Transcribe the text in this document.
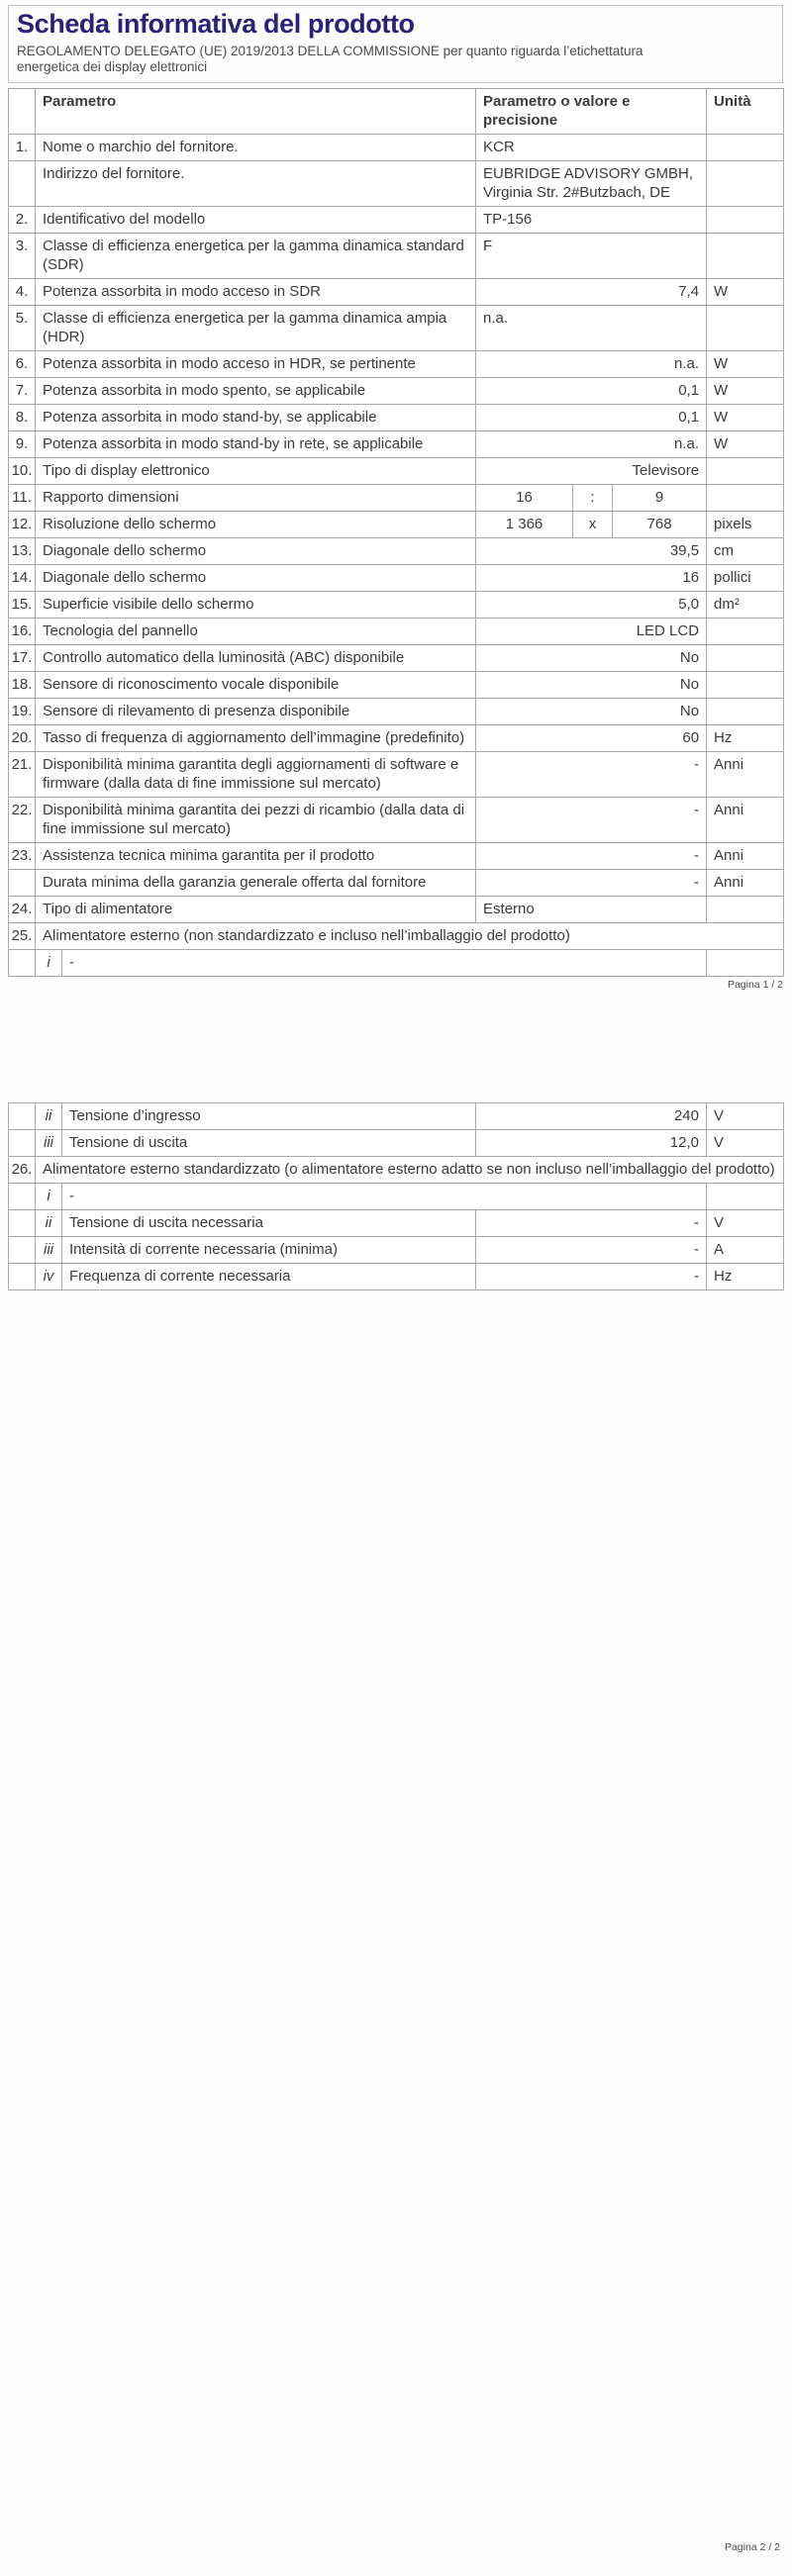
Scheda informativa del prodotto

REGOLAMENTO DELEGATO (UE) 2019/2013 DELLA COMMISSIONE per quanto riguarda l’etichettatura energetica dei display elettronici

	Parametro		Parametro o valore e precisione			Unità
1.	Nome o marchio del fornitore.		KCR			
	Indirizzo del fornitore.		EUBRIDGE ADVISORY GMBH, Virginia Str. 2#Butzbach, DE			
2.	Identificativo del modello		TP-156			
3.	Classe di efficienza energetica per la gamma dinamica standard (SDR)		F			
4.	Potenza assorbita in modo acceso in SDR		7,4			W
5.	Classe di efficienza energetica per la gamma dinamica ampia (HDR)		n.a.			
6.	Potenza assorbita in modo acceso in HDR, se pertinente		n.a.			W
7.	Potenza assorbita in modo spento, se applicabile		0,1			W
8.	Potenza assorbita in modo stand-by, se applicabile		0,1			W
9.	Potenza assorbita in modo stand-by in rete, se applicabile		n.a.			W
10.	Tipo di display elettronico		Televisore			
11.	Rapporto dimensioni		16	:	9	
12.	Risoluzione dello schermo		1 366	x	768	pixels
13.	Diagonale dello schermo		39,5			cm
14.	Diagonale dello schermo		16			pollici
15.	Superficie visibile dello schermo		5,0			dm²
16.	Tecnologia del pannello		LED LCD			
17.	Controllo automatico della luminosità (ABC) disponibile		No			
18.	Sensore di riconoscimento vocale disponibile		No			
19.	Sensore di rilevamento di presenza disponibile		No			
20.	Tasso di frequenza di aggiornamento dell’immagine (predefinito)		60			Hz
21.	Disponibilità minima garantita degli aggiornamenti di software e firmware (dalla data di fine immissione sul mercato)		-			Anni
22.	Disponibilità minima garantita dei pezzi di ricambio (dalla data di fine immissione sul mercato)		-			Anni
23.	Assistenza tecnica minima garantita per il prodotto		-			Anni
	Durata minima della garanzia generale offerta dal fornitore		-			Anni
24.	Tipo di alimentatore		Esterno			
25.	Alimentatore esterno (non standardizzato e incluso nell’imballaggio del prodotto)					
	i	-				
Pagina 1 / 2
	ii	Tensione d’ingresso	240	V
	iii	Tensione di uscita	12,0	V
26.	Alimentatore esterno standardizzato (o alimentatore esterno adatto se non incluso nell’imballaggio del prodotto)			
	i	-		
	ii	Tensione di uscita necessaria	-	V
	iii	Intensità di corrente necessaria (minima)	-	A
	iv	Frequenza di corrente necessaria	-	Hz
Pagina 2 / 2
